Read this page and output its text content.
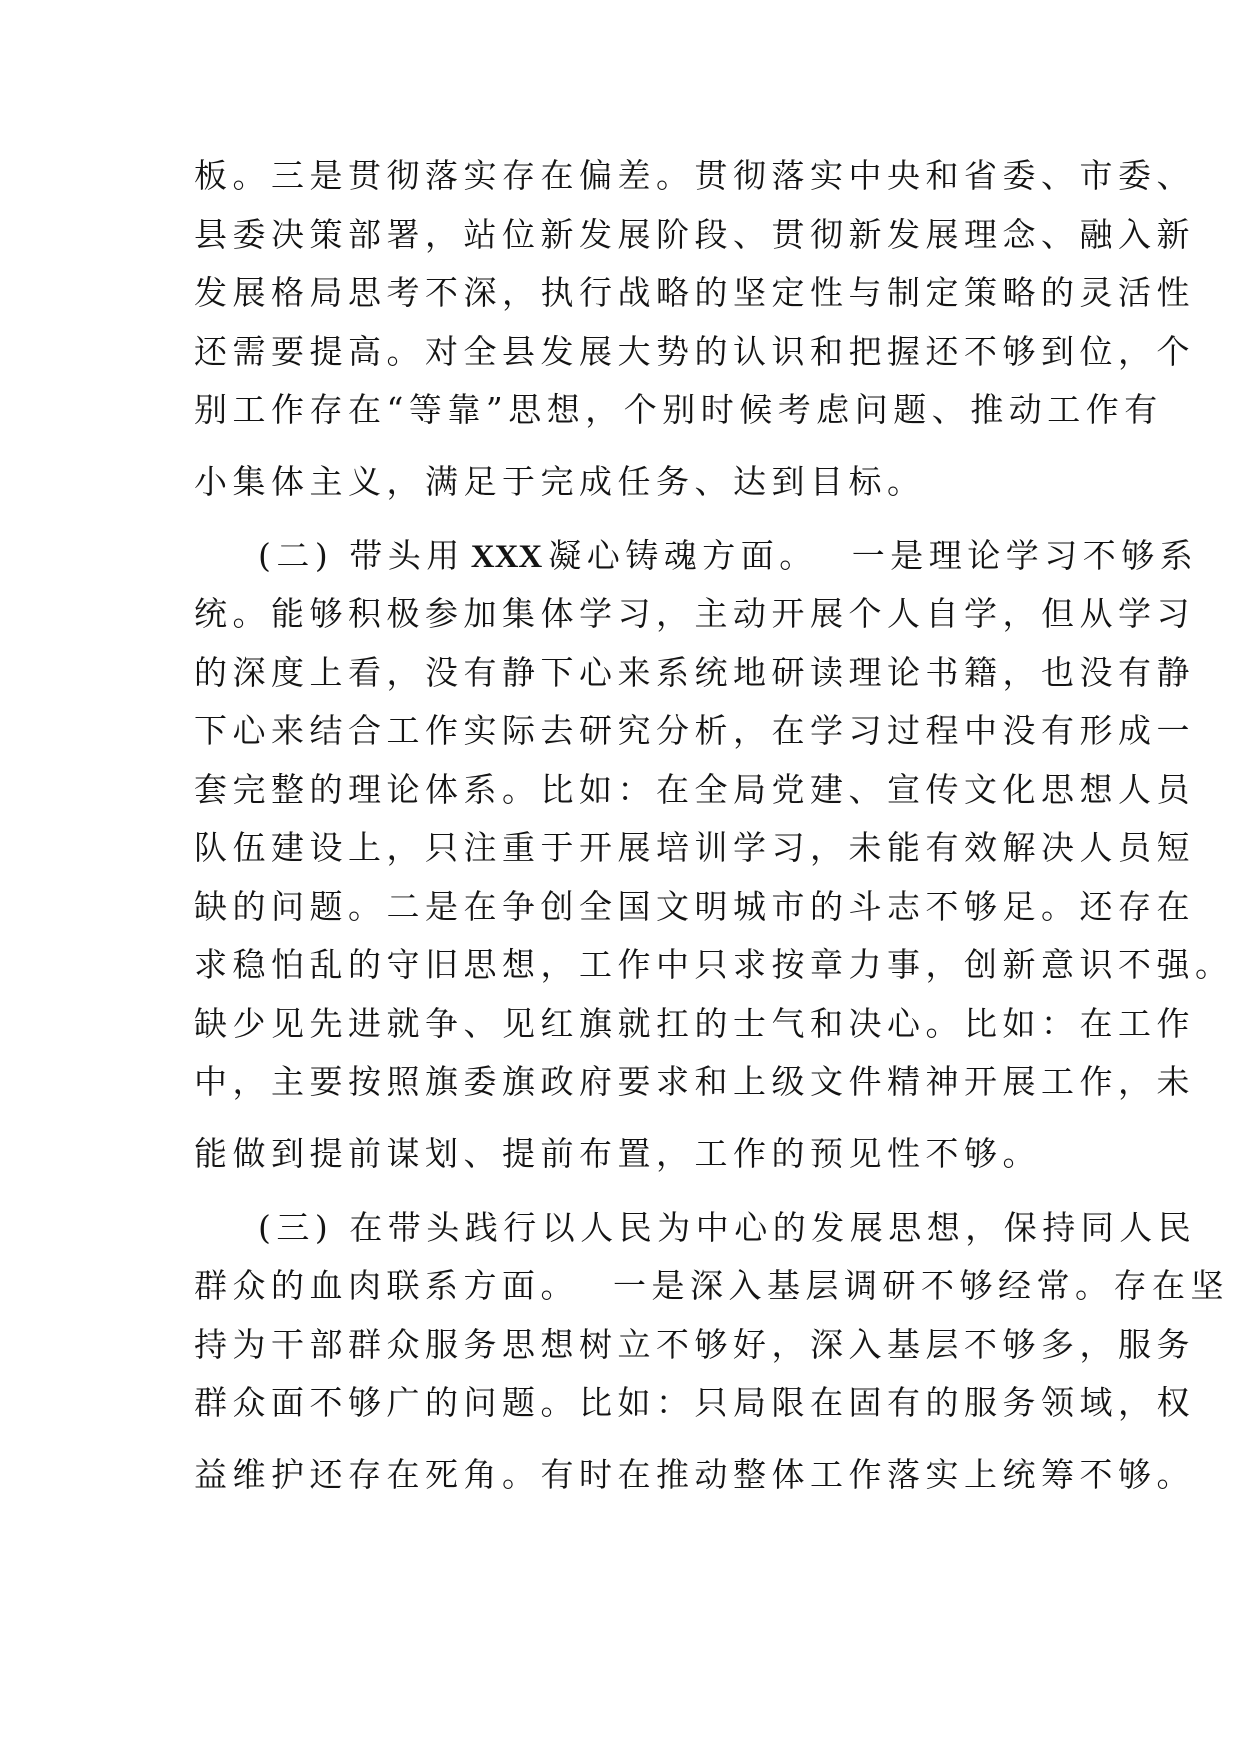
板。三是贯彻落实存在偏差。贯彻落实中央和省委、市委、
县委决策部署，站位新发展阶段、贯彻新发展理念、融入新
发展格局思考不深，执行战略的坚定性与制定策略的灵活性
还需要提高。对全县发展大势的认识和把握还不够到位，个
别工作存在“等靠”思想，个别时候考虑问题、推动工作有
小集体主义，满足于完成任务、达到目标。
(二) 带头用 XXX 凝心铸魂方面。 一是理论学习不够系
统。能够积极参加集体学习，主动开展个人自学，但从学习
的深度上看，没有静下心来系统地研读理论书籍，也没有静
下心来结合工作实际去研究分析，在学习过程中没有形成一
套完整的理论体系。比如：在全局党建、宣传文化思想人员
队伍建设上，只注重于开展培训学习，未能有效解决人员短
缺的问题。二是在争创全国文明城市的斗志不够足。还存在
求稳怕乱的守旧思想，工作中只求按章力事，创新意识不强。
缺少见先进就争、见红旗就扛的士气和决心。比如：在工作
中，主要按照旗委旗政府要求和上级文件精神开展工作，未
能做到提前谋划、提前布置，工作的预见性不够。
(三) 在带头践行以人民为中心的发展思想，保持同人民
群众的血肉联系方面。 一是深入基层调研不够经常。存在坚
持为干部群众服务思想树立不够好，深入基层不够多，服务
群众面不够广的问题。比如：只局限在固有的服务领域，权
益维护还存在死角。有时在推动整体工作落实上统筹不够。
